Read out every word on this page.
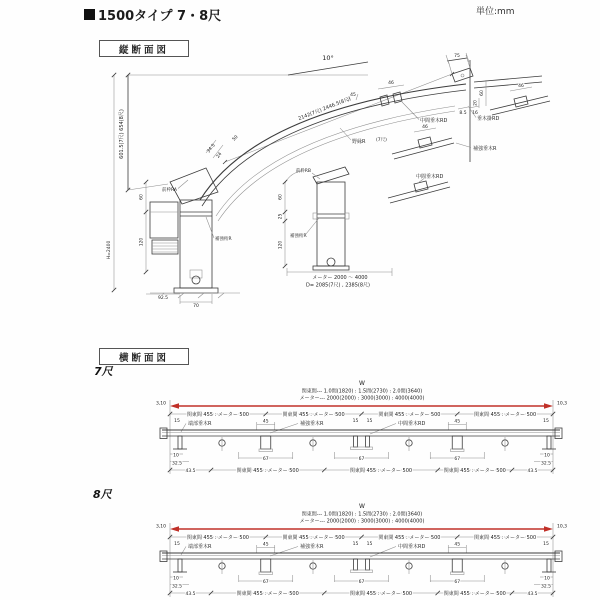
1500タイプ 7・8尺	単位:mm
縦断面図
10°	75
601.5(7尺) 654(8尺)
H=2400
2142(7尺) 2446.5(8尺)
34.5
24
50
46
45	60
20
8.5 16
46
46
垂木掛RD
補強垂木R
中間垂木RD
中間垂木RD
野縁R (7尺)
60
120
92.5
70
前枠RA
補強桁R
60
25
120
前枠RB
補強桁R
メーター 2000 〜 4000
D= 2085(7尺) , 2385(8尺)
横断面図
7尺
W
関東間--- 1.0間(1820) : 1.5間(2730) : 2.0間(3640)
メーター--- 2000(2000) : 3000(3000) : 4000(4000)
3,10	10,3
関東間 455 : メーター 500	関東間 455 : メーター 500	関東間 455 : メーター 500	関東間 455 : メーター 500
15 端部垂木R	45	補強垂木R	15 15	中間垂木RD	45	15
67	67	67
10
32.5
10
32.5
43.5	関東間 455 : メーター 500	関東間 455 : メーター 500	関東間 455 : メーター 500	43.5
8尺
W
関東間--- 1.0間(1820) : 1.5間(2730) : 2.0間(3640)
メーター--- 2000(2000) : 3000(3000) : 4000(4000)
3,10	10,3
関東間 455 : メーター 500	関東間 455 : メーター 500	関東間 455 : メーター 500	関東間 455 : メーター 500
15 端部垂木R	45	補強垂木R	15 15	中間垂木RD	45	15
67	67	67
10
32.5
10
32.5
43.5	関東間 455 : メーター 500	関東間 455 : メーター 500	関東間 455 : メーター 500	43.5
